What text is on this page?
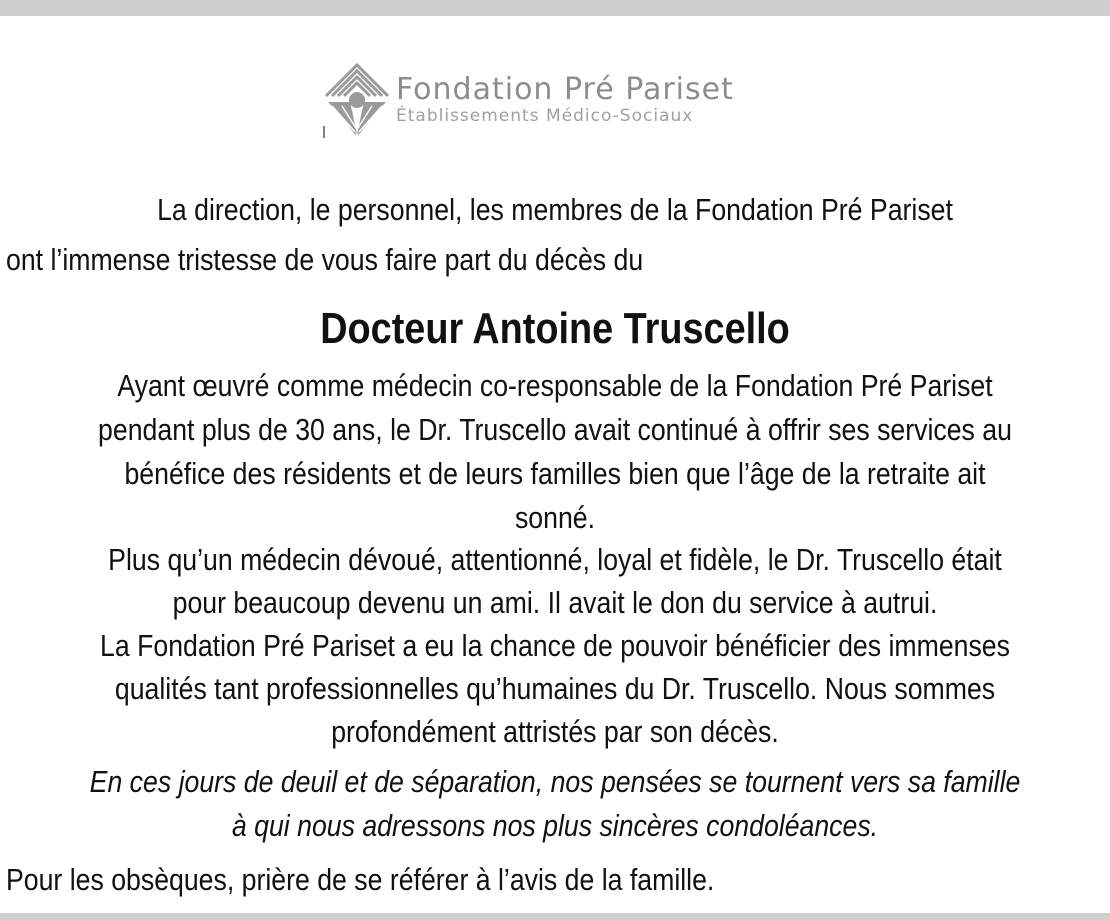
Fondation Pré Pariset
Établissements Médico-Sociaux
La direction, le personnel, les membres de la Fondation Pré Pariset
ont l’immense tristesse de vous faire part du décès du
Docteur Antoine Truscello
Ayant œuvré comme médecin co-responsable de la Fondation Pré Pariset
pendant plus de 30 ans, le Dr. Truscello avait continué à offrir ses services au
bénéfice des résidents et de leurs familles bien que l’âge de la retraite ait
sonné.
Plus qu’un médecin dévoué, attentionné, loyal et fidèle, le Dr. Truscello était
pour beaucoup devenu un ami. Il avait le don du service à autrui.
La Fondation Pré Pariset a eu la chance de pouvoir bénéficier des immenses
qualités tant professionnelles qu’humaines du Dr. Truscello. Nous sommes
profondément attristés par son décès.
En ces jours de deuil et de séparation, nos pensées se tournent vers sa famille
à qui nous adressons nos plus sincères condoléances.
Pour les obsèques, prière de se référer à l’avis de la famille.
